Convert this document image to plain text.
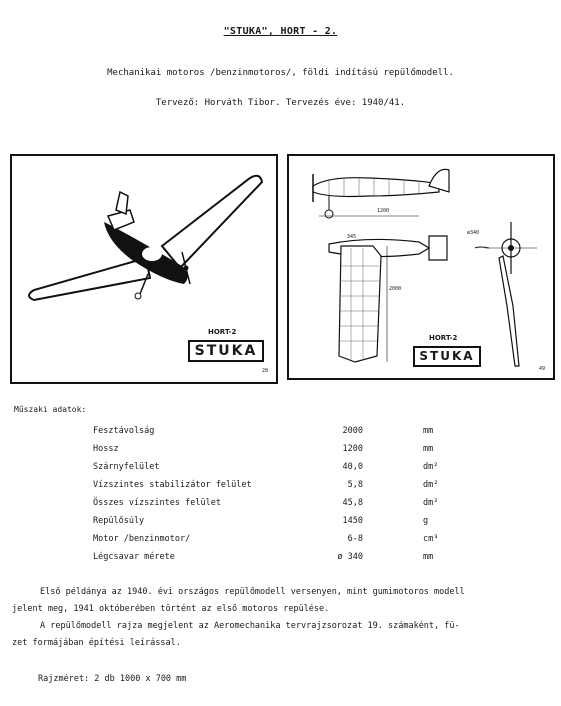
"STUKA", HORT - 2.
Mechanikai motoros /benzinmotoros/, földi indítású repülőmodell.
Tervező: Horváth Tibor. Tervezés éve: 1940/41.
HORT-2
STUKA
28
1200
345
2000
ø340
HORT-2
STUKA
49
Műszaki adatok:
Fesztávolság	2000	mm
Hossz	1200	mm
Szárnyfelület	40,0	dm²
Vízszintes stabilizátor felület	5,8	dm²
Összes vízszintes felület	45,8	dm²
Repülősúly	1450	g
Motor /benzinmotor/	6-8	cm³
Légcsavar mérete	ø 340	mm
Első példánya az 1940. évi országos repülőmodell versenyen, mint gumimotoros modell
jelent meg, 1941 októberében történt az első motoros repülése.
A repülőmodell rajza megjelent az Aeromechanika tervrajzsorozat 19. számaként, fü-
zet formájában építési leírással.
Rajzméret: 2 db 1000 x 700 mm
